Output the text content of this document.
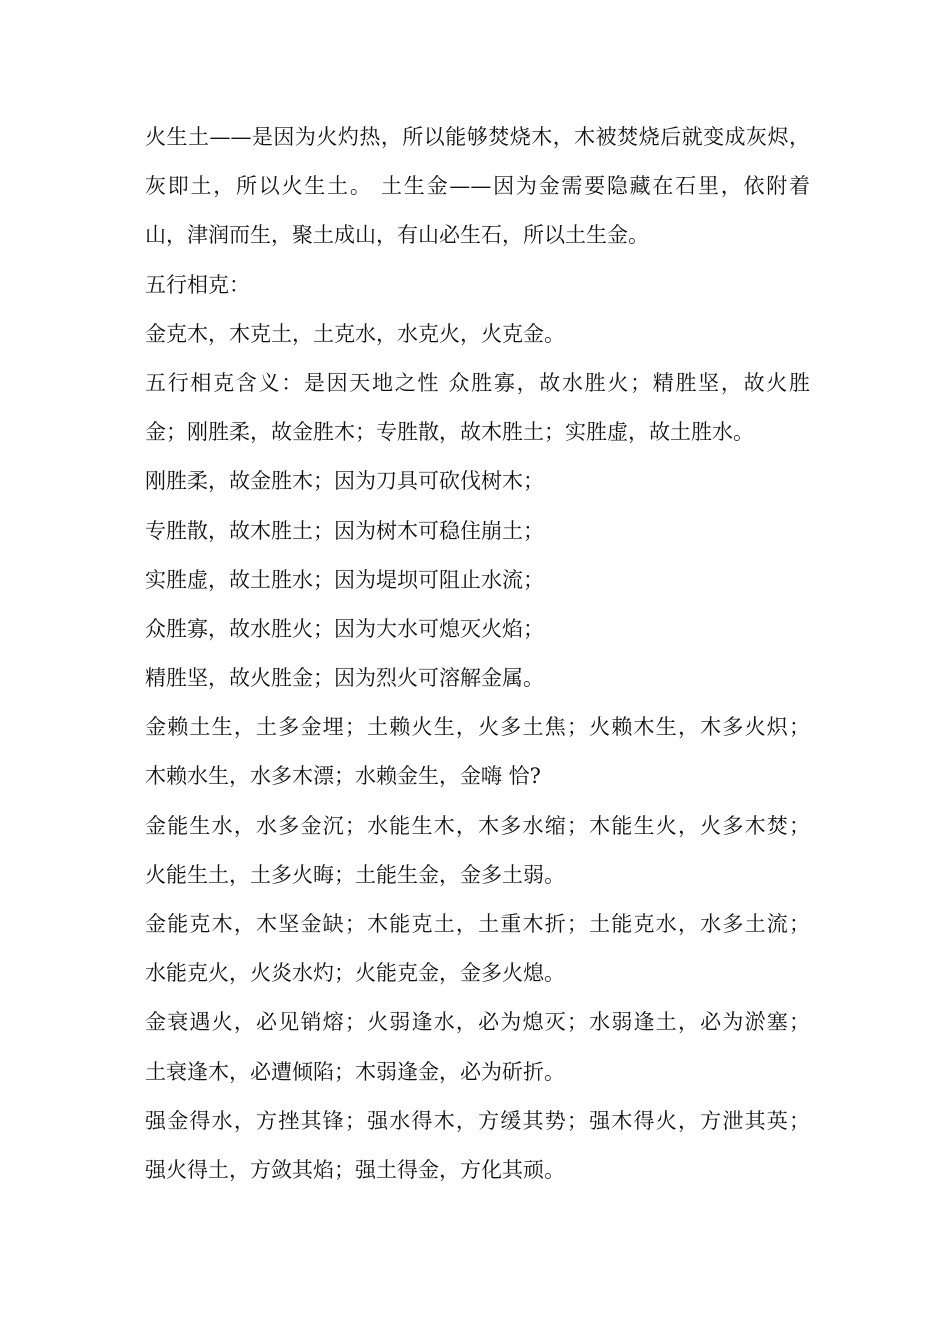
火生土——是因为火灼热，所以能够焚烧木，木被焚烧后就变成灰烬，
灰即土，所以火生土。 土生金——因为金需要隐藏在石里，依附着
山，津润而生，聚土成山，有山必生石，所以土生金。
五行相克：
金克木，木克土，土克水，水克火，火克金。
五行相克含义：是因天地之性 众胜寡，故水胜火；精胜坚，故火胜
金；刚胜柔，故金胜木；专胜散，故木胜土；实胜虚，故土胜水。
刚胜柔，故金胜木；因为刀具可砍伐树木；
专胜散，故木胜土；因为树木可稳住崩土；
实胜虚，故土胜水；因为堤坝可阻止水流；
众胜寡，故水胜火；因为大水可熄灭火焰；
精胜坚，故火胜金；因为烈火可溶解金属。
金赖土生，土多金埋；土赖火生，火多土焦；火赖木生，木多火炽；
木赖水生，水多木漂；水赖金生，金嗨 恰?
金能生水，水多金沉；水能生木，木多水缩；木能生火，火多木焚；
火能生土，土多火晦；土能生金，金多土弱。
金能克木，木坚金缺；木能克土，土重木折；土能克水，水多土流；
水能克火，火炎水灼；火能克金，金多火熄。
金衰遇火，必见销熔；火弱逢水，必为熄灭；水弱逢土，必为淤塞；
土衰逢木，必遭倾陷；木弱逢金，必为斫折。
强金得水，方挫其锋；强水得木，方缓其势；强木得火，方泄其英；
强火得土，方敛其焰；强土得金，方化其顽。
